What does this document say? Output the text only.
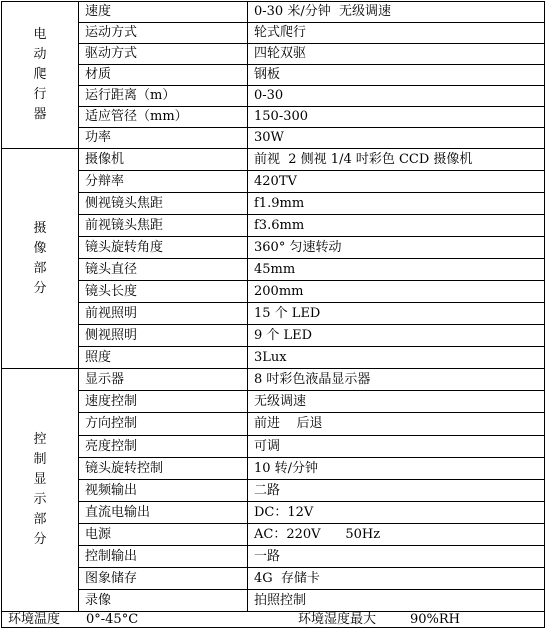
电动爬行器	速度	0-30 米/分钟  无级调速
	运动方式	轮式爬行
	驱动方式	四轮双驱
	材质	钢板
	运行距离（m）	0-30
	适应管径（mm）	150-300
	功率	30W
摄像部分	摄像机	前视  2 侧视 1/4 吋彩色 CCD 摄像机
	分辩率	420TV
	侧视镜头焦距	f1.9mm
	前视镜头焦距	f3.6mm
	镜头旋转角度	360° 匀速转动
	镜头直径	45mm
	镜头长度	200mm
	前视照明	15 个 LED
	侧视照明	9 个 LED
	照度	3Lux
控制显示部分	显示器	8 吋彩色液晶显示器
	速度控制	无级调速
	方向控制	前进    后退
	亮度控制	可调
	镜头旋转控制	10 转/分钟
	视频输出	二路
	直流电输出	DC：12V
	电源	AC：220V      50Hz
	控制输出	一路
	图象储存	4G  存储卡
	录像	拍照控制
环境温度 0°-45°C 环境湿度最大 90%RH		
